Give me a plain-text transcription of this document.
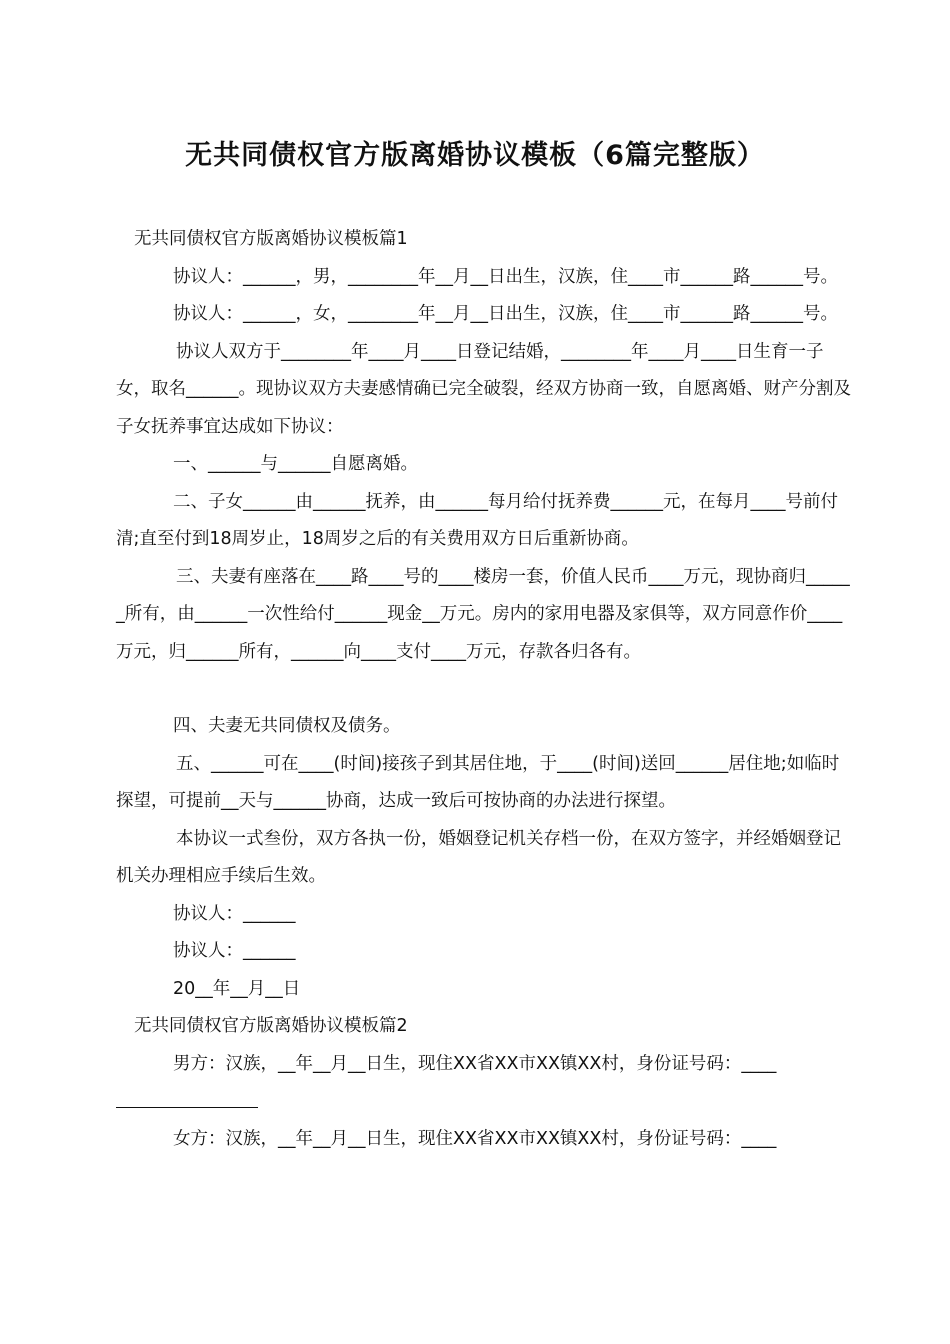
无共同债权官方版离婚协议模板（6篇完整版）

无共同债权官方版离婚协议模板篇1

协议人：______，男，________年__月__日出生，汉族，住____市______路______号。

协议人：______，女，________年__月__日出生，汉族，住____市______路______号。

协议人双方于________年____月____日登记结婚，________年____月____日生育一子女，取名______。现协议双方夫妻感情确已完全破裂，经双方协商一致，自愿离婚、财产分割及子女抚养事宜达成如下协议：

一、______与______自愿离婚。

二、子女______由______抚养，由______每月给付抚养费______元，在每月____号前付清;直至付到18周岁止，18周岁之后的有关费用双方日后重新协商。

三、夫妻有座落在____路____号的____楼房一套，价值人民币____万元，现协商归______所有，由______一次性给付______现金__万元。房内的家用电器及家俱等，双方同意作价____万元，归______所有，______向____支付____万元，存款各归各有。

四、夫妻无共同债权及债务。

五、______可在____(时间)接孩子到其居住地，于____(时间)送回______居住地;如临时探望，可提前__天与______协商，达成一致后可按协商的办法进行探望。

本协议一式叁份，双方各执一份，婚姻登记机关存档一份，在双方签字，并经婚姻登记机关办理相应手续后生效。

协议人：______

协议人：______

20__年__月__日

无共同债权官方版离婚协议模板篇2

男方：汉族，__年__月__日生，现住XX省XX市XX镇XX村，身份证号码：____

女方：汉族，__年__月__日生，现住XX省XX市XX镇XX村，身份证号码：____
